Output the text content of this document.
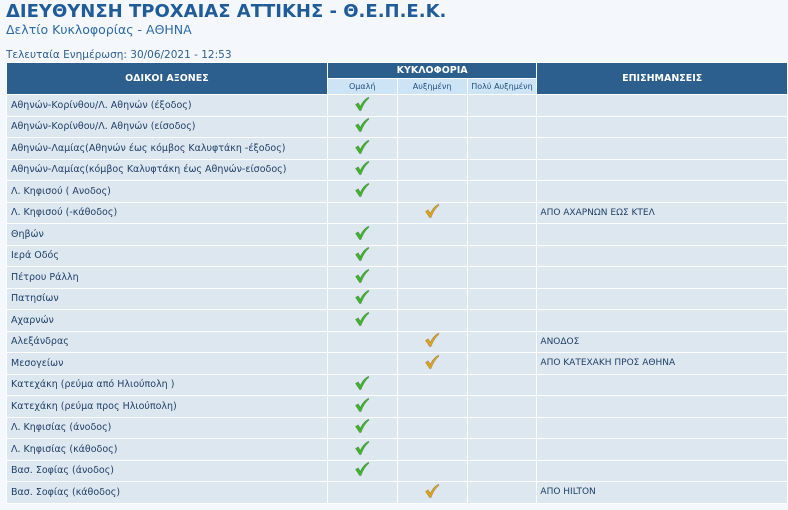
ΔΙΕΥΘΥΝΣΗ ΤΡΟΧΑΙΑΣ ΑΤΤΙΚΗΣ - Θ.Ε.Π.Ε.Κ.
Δελτίο Κυκλοφορίας - ΑΘΗΝΑ
Τελευταία Ενημέρωση: 30/06/2021 - 12:53
ΟΔΙΚΟΙ ΑΞΟΝΕΣ	ΚΥΚΛΟΦΟΡΙΑ			ΕΠΙΣΗΜΑΝΣΕΙΣ
	Ομαλή	Αυξημένη	Πολύ Αυξημένη	
Αθηνών-Κορίνθου/Λ. Αθηνών (έξοδος)				
Αθηνών-Κορίνθου/Λ. Αθηνών (είσοδος)				
Αθηνών-Λαμίας(Αθηνών έως κόμβος Καλυφτάκη -έξοδος)				
Αθηνών-Λαμίας(κόμβος Καλυφτάκη έως Αθηνών-είσοδος)				
Λ. Κηφισού ( Ανοδος)				
Λ. Κηφισού (-κάθοδος)				ΑΠΟ ΑΧΑΡΝΩΝ ΕΩΣ ΚΤΕΛ
Θηβών				
Ιερά Οδός				
Πέτρου Ράλλη				
Πατησίων				
Αχαρνών				
Αλεξάνδρας				ΑΝΟΔΟΣ
Μεσογείων				ΑΠΟ ΚΑΤΕΧΑΚΗ ΠΡΟΣ ΑΘΗΝΑ
Κατεχάκη (ρεύμα από Ηλιούπολη )				
Κατεχάκη (ρεύμα προς Ηλιούπολη)				
Λ. Κηφισίας (άνοδος)				
Λ. Κηφισίας (κάθοδος)				
Βασ. Σοφίας (άνοδος)				
Βασ. Σοφίας (κάθοδος)				ΑΠΟ HILTON
